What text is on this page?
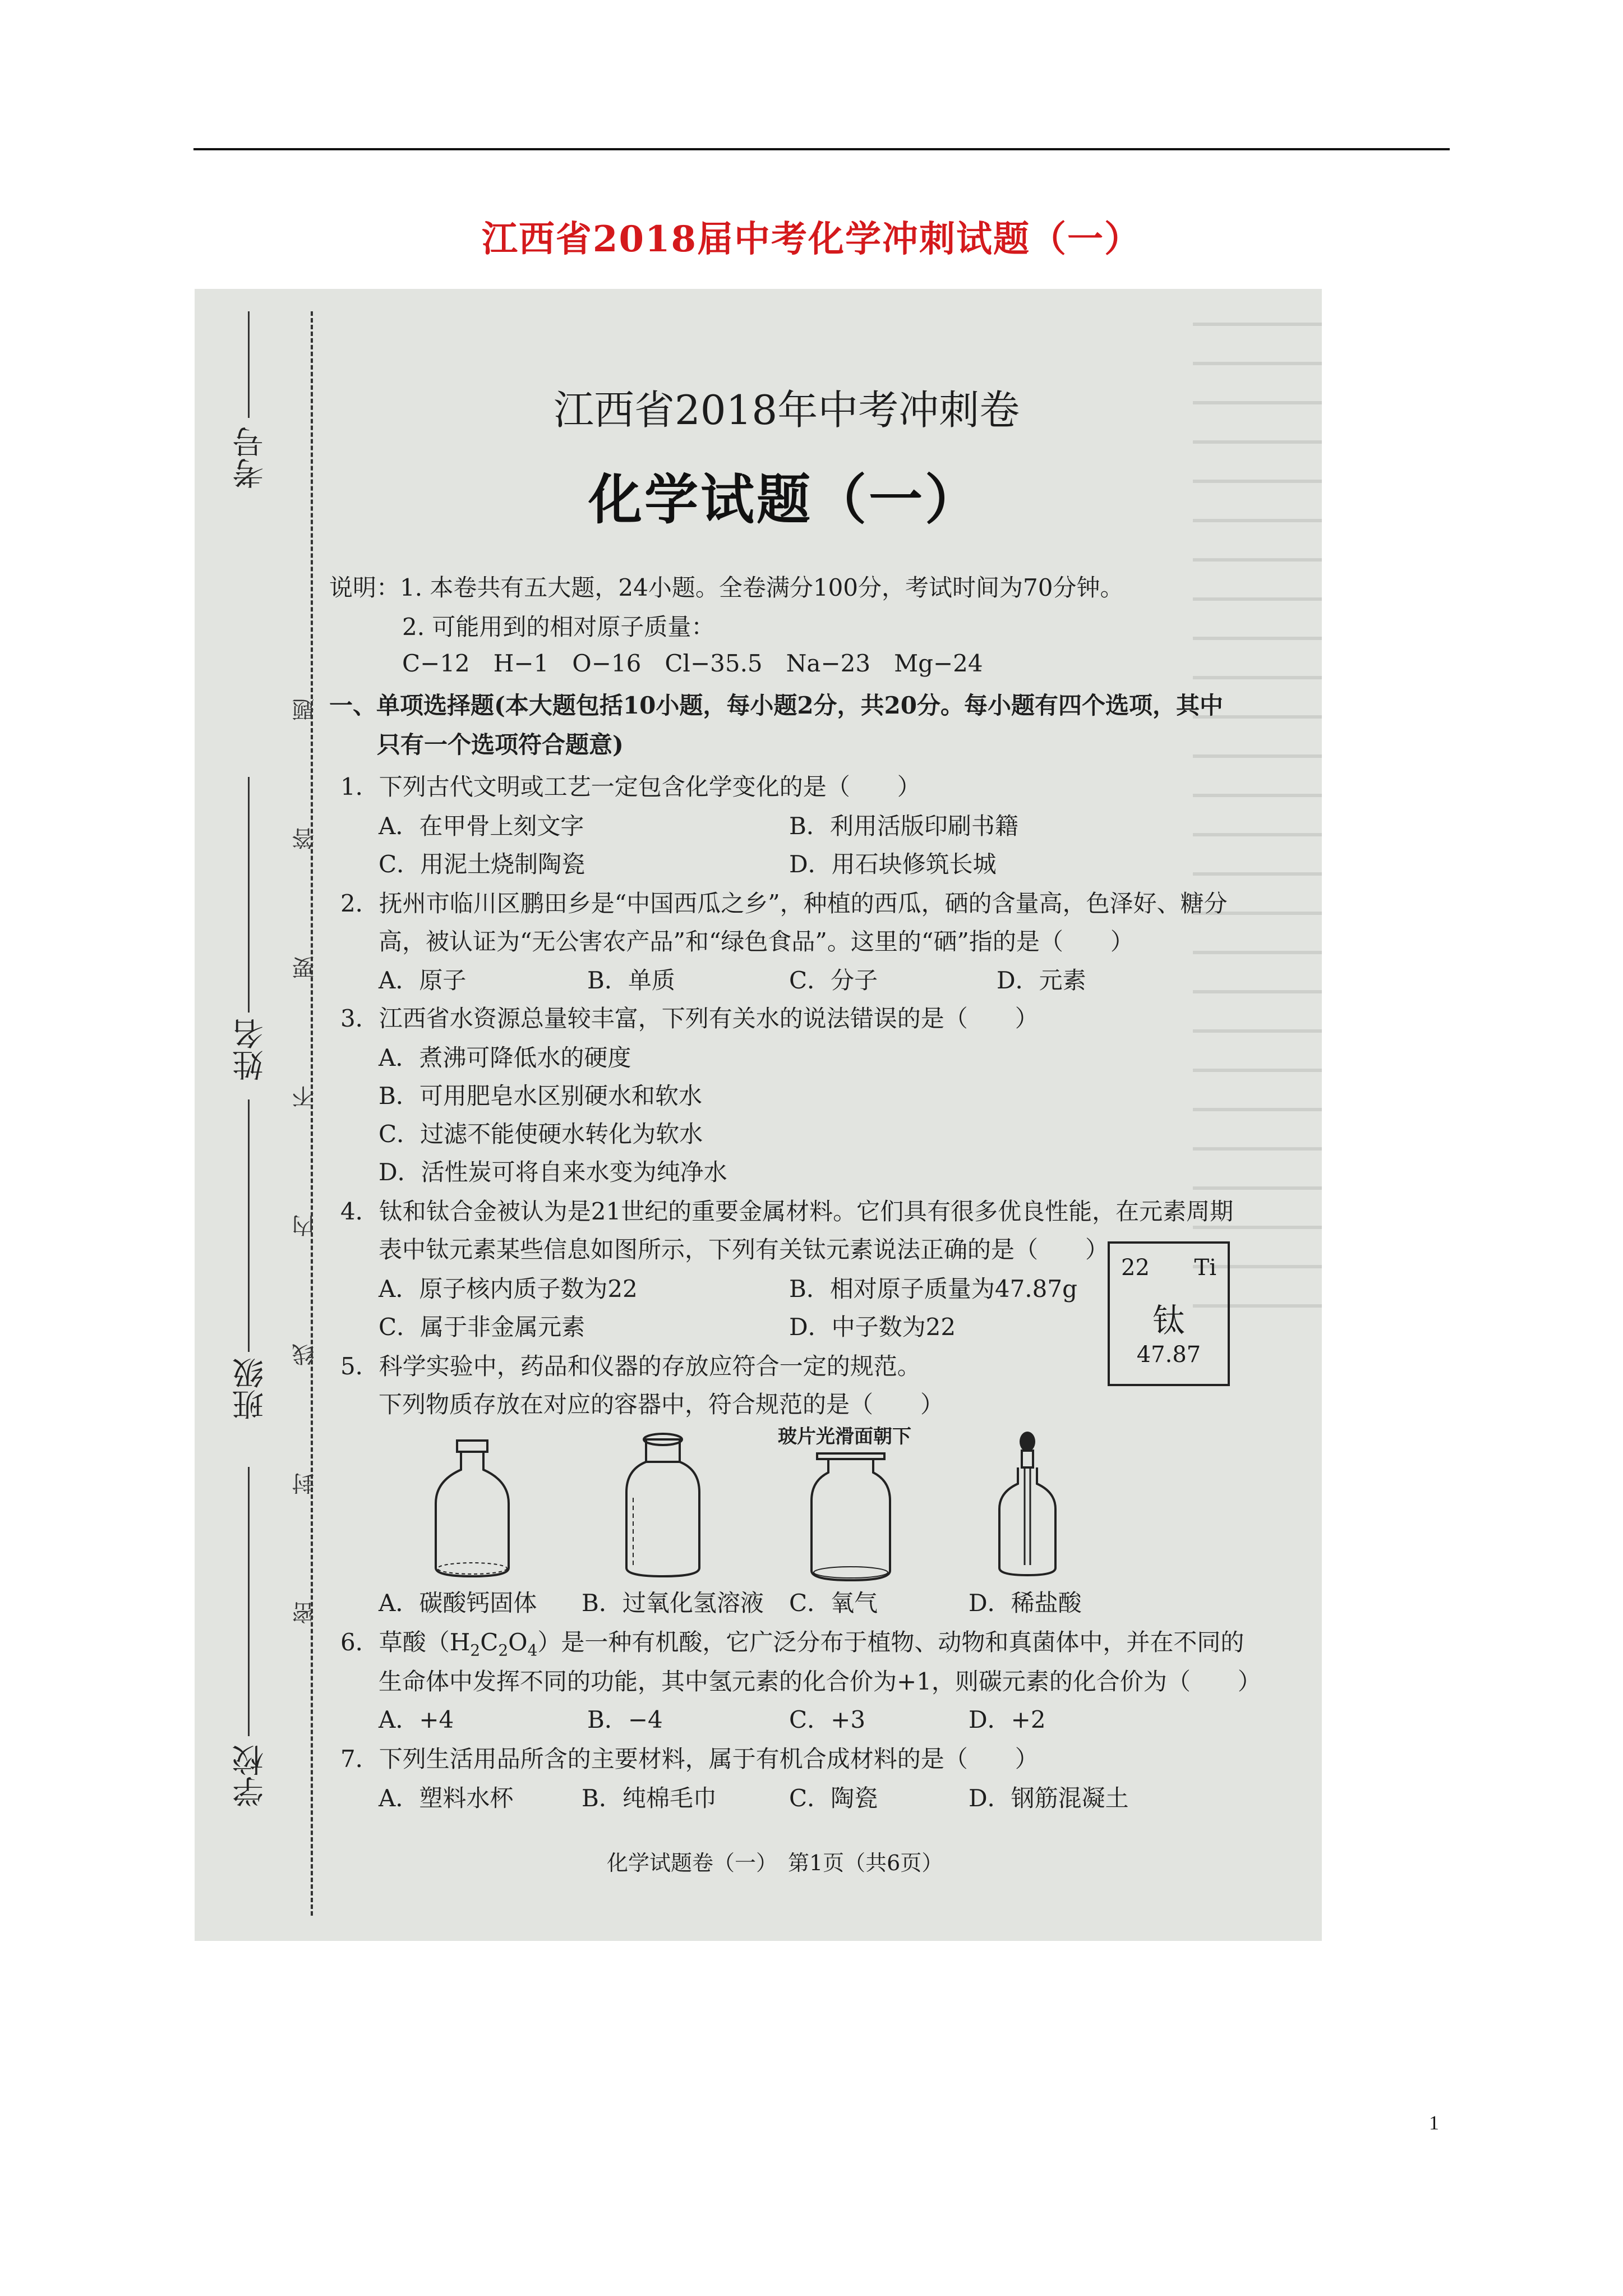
江西省2018届中考化学冲刺试题（一）
考号
姓名
班级
学校
题
答
要
不
内
线
封
密
江西省2018年中考冲刺卷
化学试题（一）
说明：1. 本卷共有五大题，24小题。全卷满分100分，考试时间为70分钟。
2. 可能用到的相对原子质量：
C−12　H−1　O−16　Cl−35.5　Na−23　Mg−24
一、单项选择题(本大题包括10小题，每小题2分，共20分。每小题有四个选项，其中
只有一个选项符合题意)
1．下列古代文明或工艺一定包含化学变化的是（　　）
A．在甲骨上刻文字	B．利用活版印刷书籍
C．用泥土烧制陶瓷	D．用石块修筑长城
2．抚州市临川区鹏田乡是“中国西瓜之乡”，种植的西瓜，硒的含量高，色泽好、糖分
高，被认证为“无公害农产品”和“绿色食品”。这里的“硒”指的是（　　）
A．原子	B．单质	C．分子	D．元素
3．江西省水资源总量较丰富，下列有关水的说法错误的是（　　）
A．煮沸可降低水的硬度
B．可用肥皂水区别硬水和软水
C．过滤不能使硬水转化为软水
D．活性炭可将自来水变为纯净水
4．钛和钛合金被认为是21世纪的重要金属材料。它们具有很多优良性能，在元素周期
表中钛元素某些信息如图所示，下列有关钛元素说法正确的是（　　）
A．原子核内质子数为22	B．相对原子质量为47.87g
C．属于非金属元素	D．中子数为22
22 Ti
钛
47.87
5．科学实验中，药品和仪器的存放应符合一定的规范。
下列物质存放在对应的容器中，符合规范的是（　　）
玻片光滑面朝下
A．碳酸钙固体 B．过氧化氢溶液 C．氧气	D．稀盐酸
6．草酸$(H_2C_2O_4)$是一种有机酸，它广泛分布于植物、动物和真菌体中，并在不同的
生命体中发挥不同的功能，其中氢元素的化合价为+1，则碳元素的化合价为（　　）
A．+4	B．−4	C．+3	D．+2
7．下列生活用品所含的主要材料，属于有机合成材料的是（　　）
A．塑料水杯	B．纯棉毛巾	C．陶瓷	D．钢筋混凝土
化学试题卷（一）　第1页（共6页）
1
